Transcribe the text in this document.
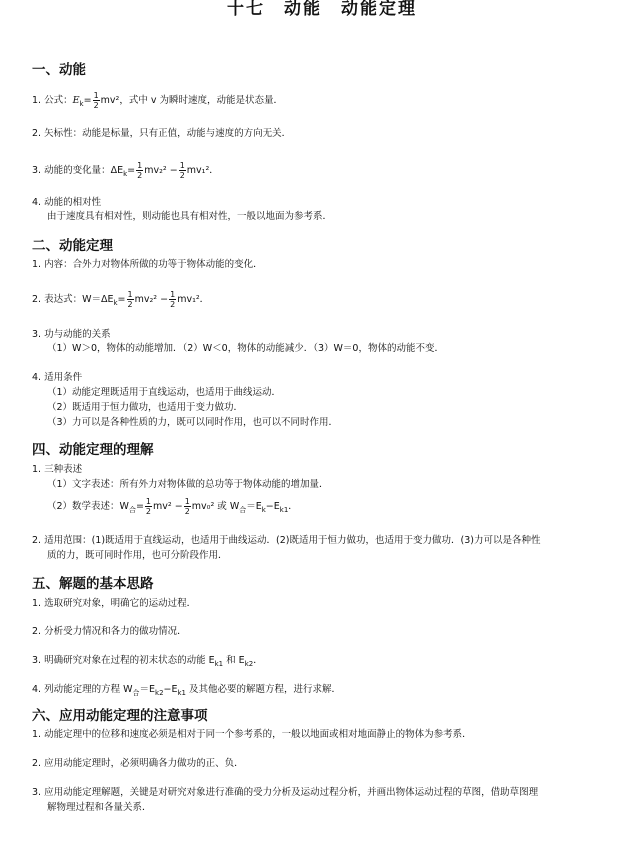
十七　动能　动能定理
一、动能
1. 公式：$E_k= \frac{1}{2} mv^2$，式中 v 为瞬时速度，动能是状态量．
2. 矢标性：动能是标量，只有正值，动能与速度的方向无关．
3. 动能的变化量：$\Delta E_k= \frac{1}{2} mv_2^2 - \frac{1}{2} mv_1^2$．
4. 动能的相对性
由于速度具有相对性，则动能也具有相对性，一般以地面为参考系．
二、动能定理
1. 内容：合外力对物体所做的功等于物体动能的变化．
2. 表达式：$W=\Delta E_k= \frac{1}{2} mv_2^2 - \frac{1}{2} mv_1^2$．
3. 功与动能的关系
（1）W＞0，物体的动能增加．（2）W＜0，物体的动能减少．（3）W＝0，物体的动能不变．
4. 适用条件
（1）动能定理既适用于直线运动，也适用于曲线运动．
（2）既适用于恒力做功，也适用于变力做功．
（3）力可以是各种性质的力，既可以同时作用，也可以不同时作用．
四、动能定理的理解
1. 三种表述
（1）文字表述：所有外力对物体做的总功等于物体动能的增加量．
（2）数学表述：$W_合= \frac{1}{2} mv^2 - \frac{1}{2} mv_0^2$ 或 $W_合=E_k-E_{k1}$．
2. 适用范围：(1)既适用于直线运动，也适用于曲线运动．(2)既适用于恒力做功，也适用于变力做功．(3)力可以是各种性
质的力，既可同时作用，也可分阶段作用．
五、解题的基本思路
1. 选取研究对象，明确它的运动过程．
2. 分析受力情况和各力的做功情况．
3. 明确研究对象在过程的初末状态的动能 $E_{k1}$ 和 $E_{k2}$．
4. 列动能定理的方程 $W_合=E_{k2}-E_{k1}$ 及其他必要的解题方程，进行求解．
六、应用动能定理的注意事项
1. 动能定理中的位移和速度必须是相对于同一个参考系的，一般以地面或相对地面静止的物体为参考系．
2. 应用动能定理时，必须明确各力做功的正、负．
3. 应用动能定理解题，关键是对研究对象进行准确的受力分析及运动过程分析，并画出物体运动过程的草图，借助草图理
解物理过程和各量关系．
